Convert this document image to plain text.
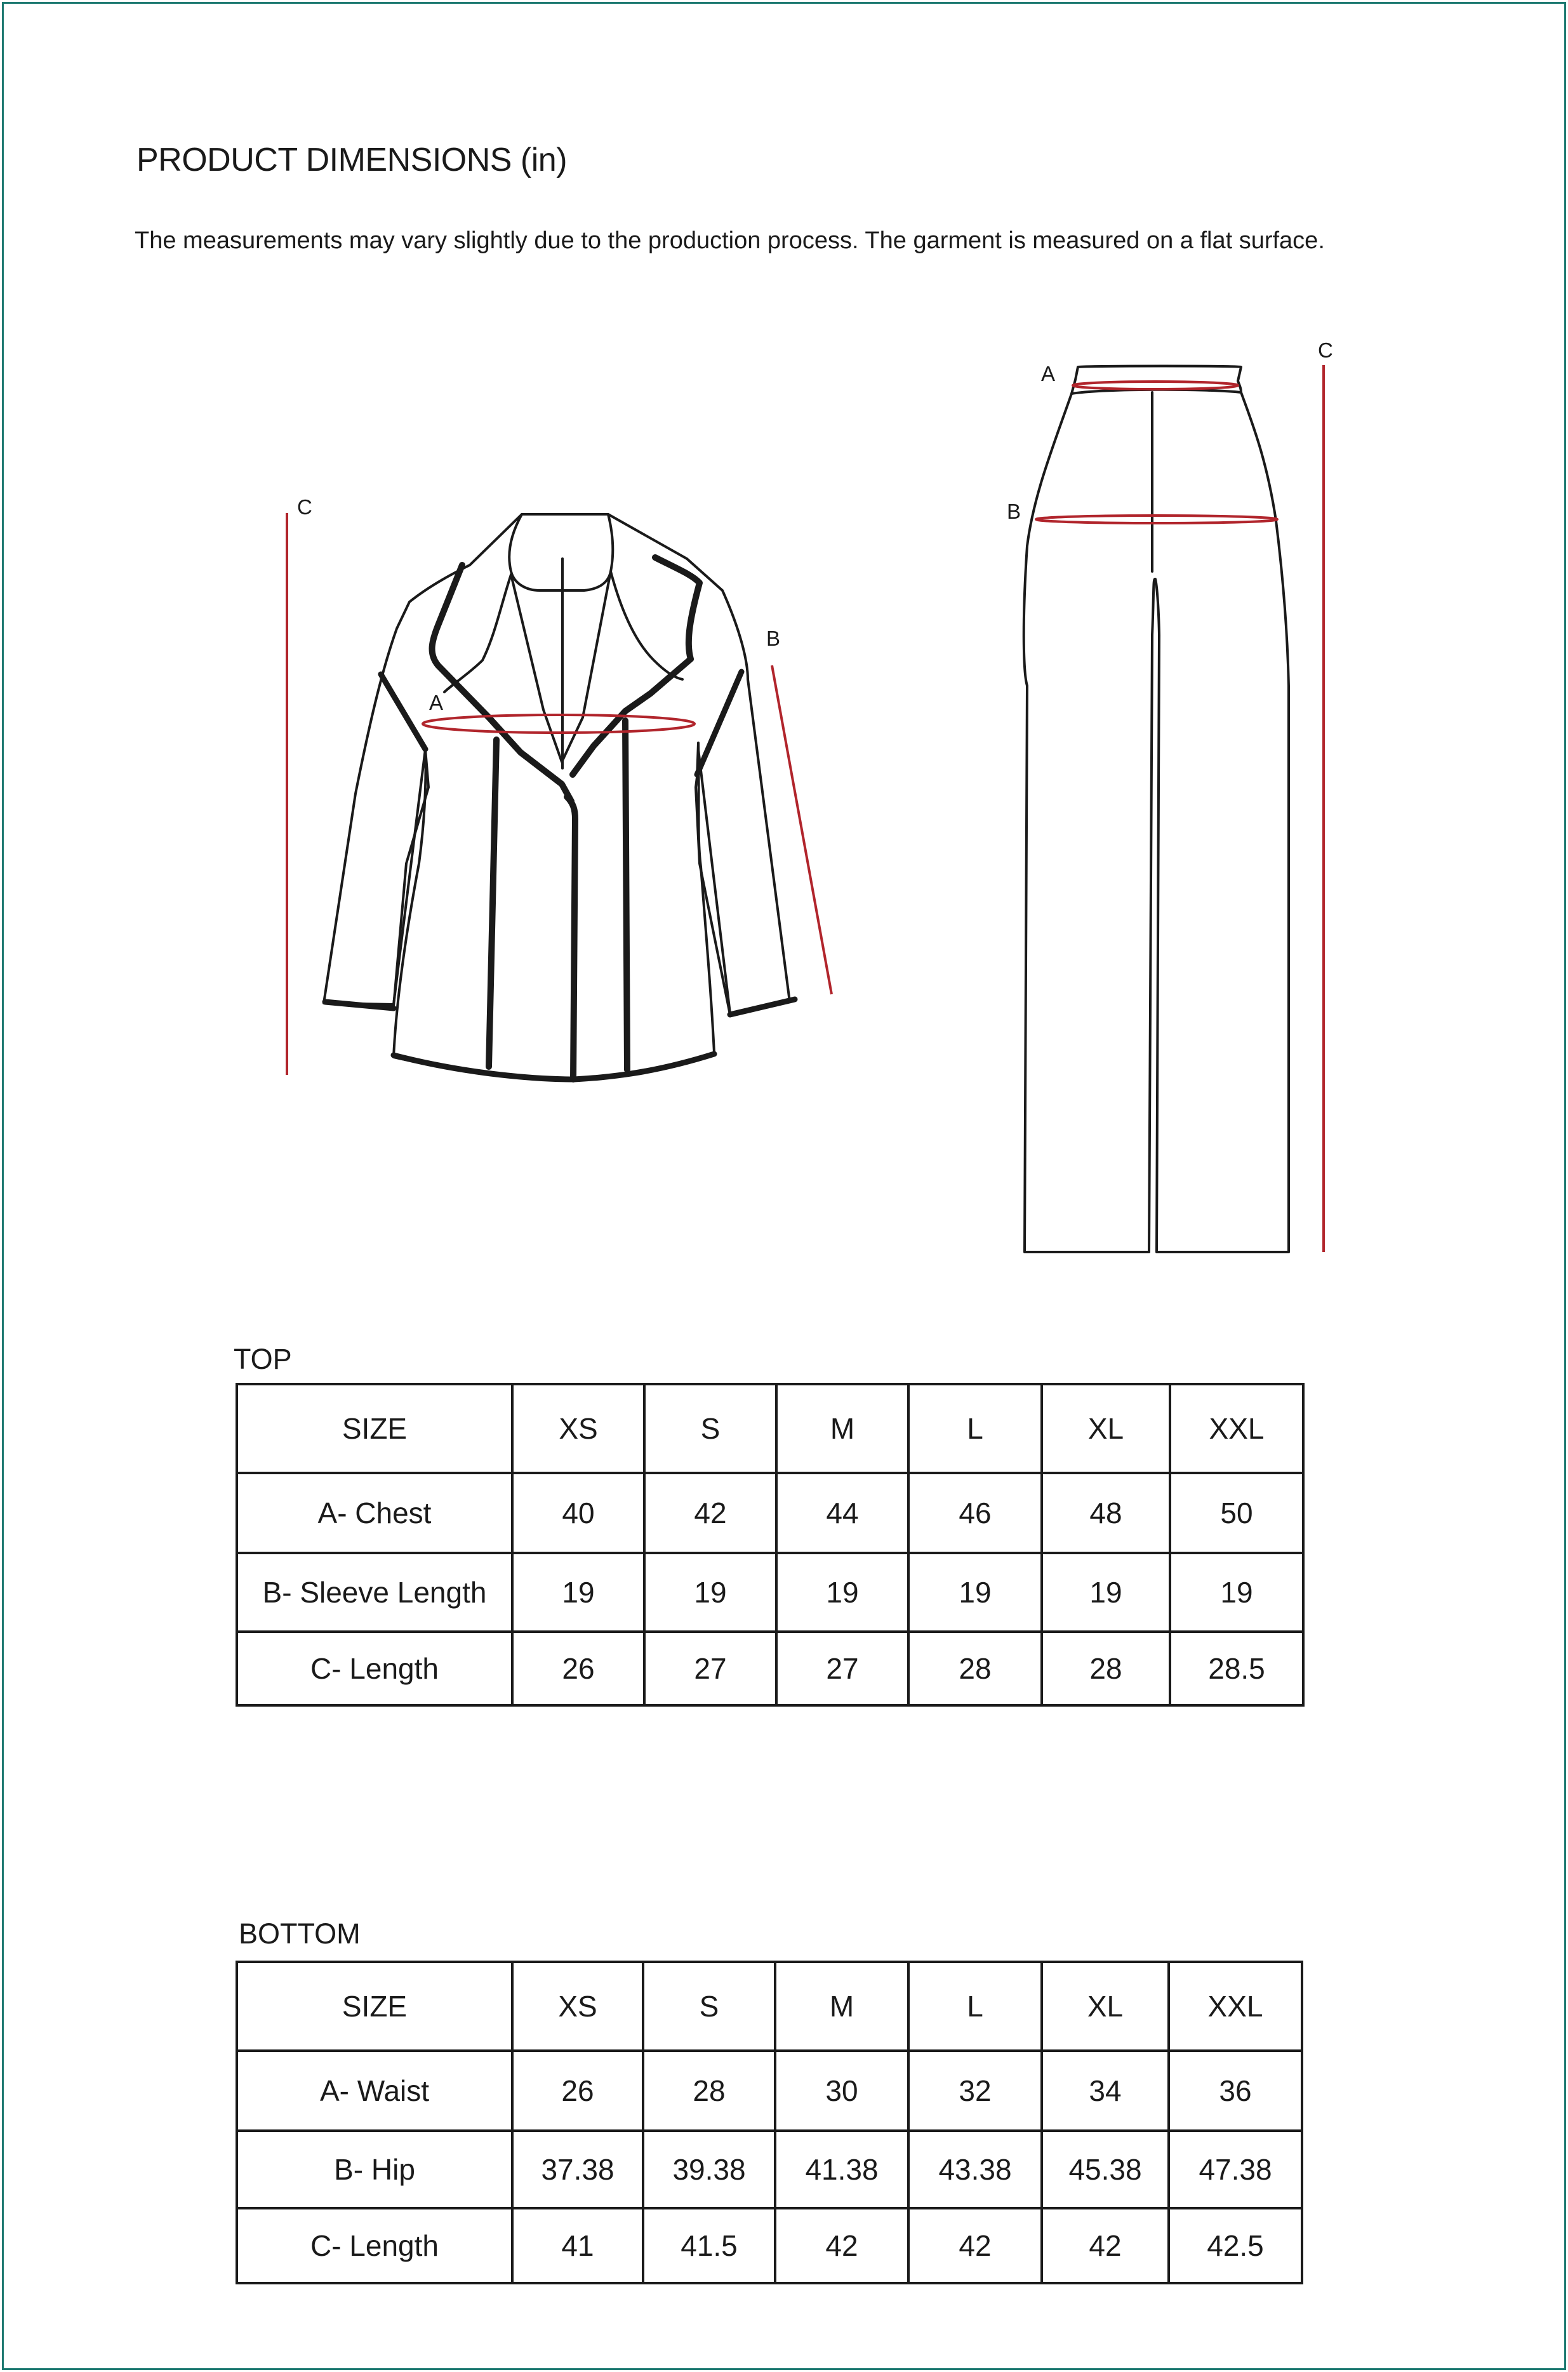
PRODUCT DIMENSIONS (in)
The measurements may vary slightly due to the production process. The garment is measured on a flat surface.
C
B
A
A
B
C
TOP
SIZE	XS	S	M	L	XL	XXL
A- Chest	40	42	44	46	48	50
B- Sleeve Length	19	19	19	19	19	19
C- Length	26	27	27	28	28	28.5
BOTTOM
SIZE	XS	S	M	L	XL	XXL
A- Waist	26	28	30	32	34	36
B- Hip	37.38	39.38	41.38	43.38	45.38	47.38
C- Length	41	41.5	42	42	42	42.5
